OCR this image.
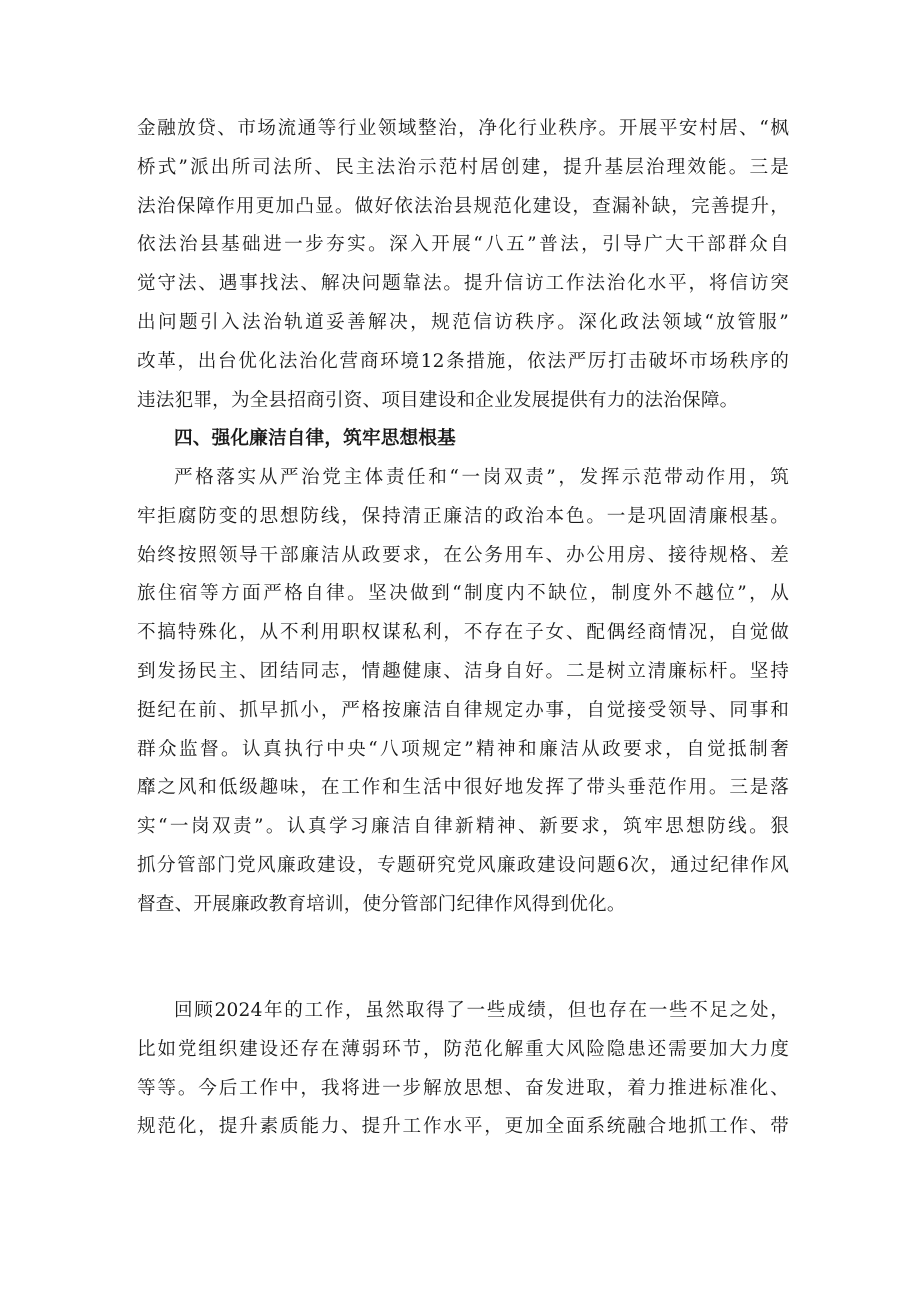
金融放贷、市场流通等行业领域整治，净化行业秩序。开展平安村居、“枫
桥式”派出所司法所、民主法治示范村居创建，提升基层治理效能。三是
法治保障作用更加凸显。做好依法治县规范化建设，查漏补缺，完善提升，
依法治县基础进一步夯实。深入开展“八五”普法，引导广大干部群众自
觉守法、遇事找法、解决问题靠法。提升信访工作法治化水平，将信访突
出问题引入法治轨道妥善解决，规范信访秩序。深化政法领域“放管服”
改革，出台优化法治化营商环境12条措施，依法严厉打击破坏市场秩序的
违法犯罪，为全县招商引资、项目建设和企业发展提供有力的法治保障。
四、强化廉洁自律，筑牢思想根基
严格落实从严治党主体责任和“一岗双责”，发挥示范带动作用，筑
牢拒腐防变的思想防线，保持清正廉洁的政治本色。一是巩固清廉根基。
始终按照领导干部廉洁从政要求，在公务用车、办公用房、接待规格、差
旅住宿等方面严格自律。坚决做到“制度内不缺位，制度外不越位”，从
不搞特殊化，从不利用职权谋私利，不存在子女、配偶经商情况，自觉做
到发扬民主、团结同志，情趣健康、洁身自好。二是树立清廉标杆。坚持
挺纪在前、抓早抓小，严格按廉洁自律规定办事，自觉接受领导、同事和
群众监督。认真执行中央“八项规定”精神和廉洁从政要求，自觉抵制奢
靡之风和低级趣味，在工作和生活中很好地发挥了带头垂范作用。三是落
实“一岗双责”。认真学习廉洁自律新精神、新要求，筑牢思想防线。狠
抓分管部门党风廉政建设，专题研究党风廉政建设问题6次，通过纪律作风
督查、开展廉政教育培训，使分管部门纪律作风得到优化。
回顾2024年的工作，虽然取得了一些成绩，但也存在一些不足之处，
比如党组织建设还存在薄弱环节，防范化解重大风险隐患还需要加大力度
等等。今后工作中，我将进一步解放思想、奋发进取，着力推进标准化、
规范化，提升素质能力、提升工作水平，更加全面系统融合地抓工作、带
